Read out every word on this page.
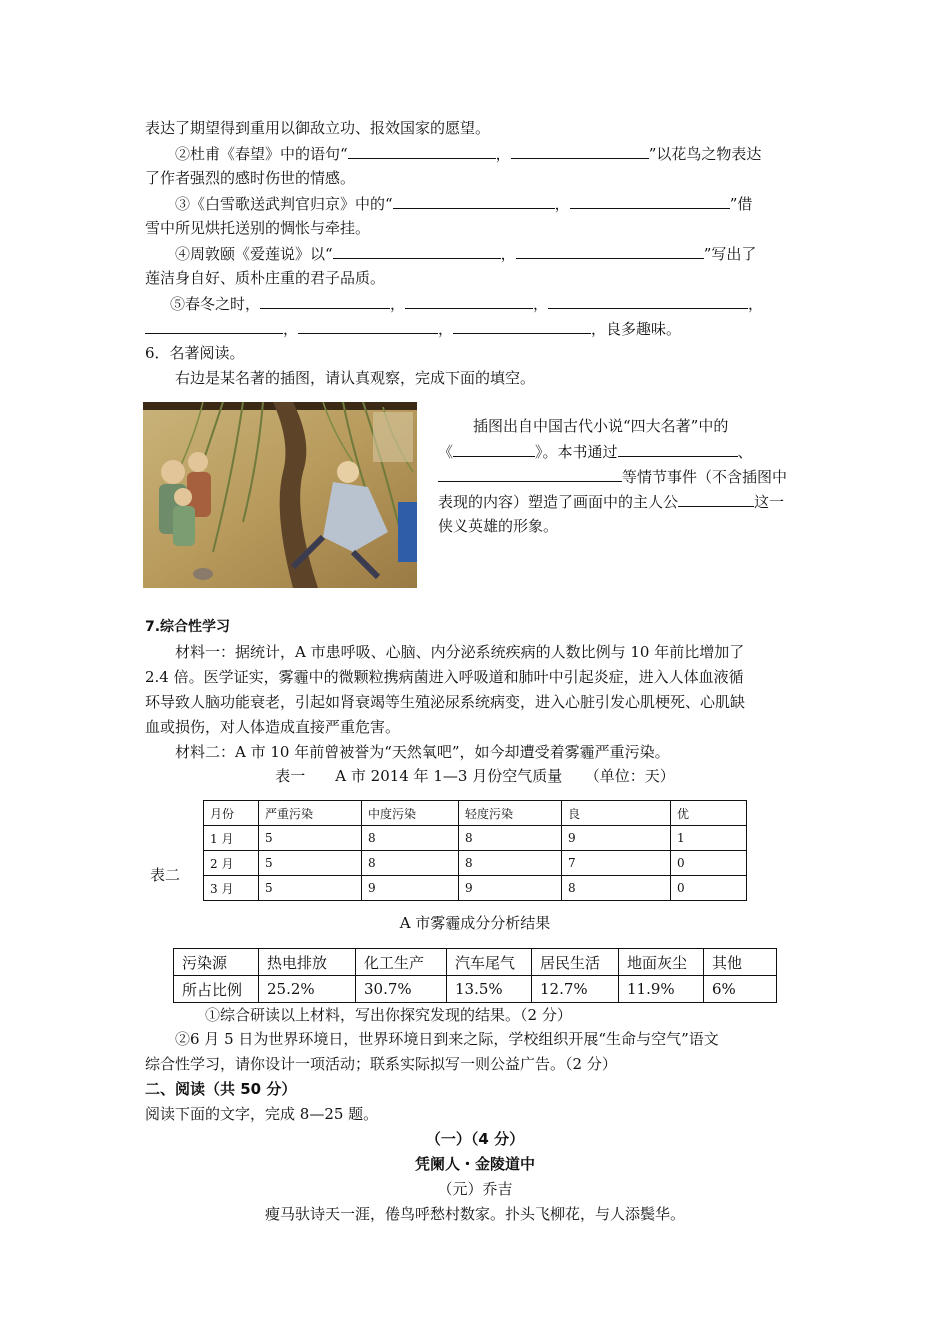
表达了期望得到重用以御敌立功、报效国家的愿望。
②杜甫《春望》中的语句“	，	”以花鸟之物表达
了作者强烈的感时伤世的情感。
③《白雪歌送武判官归京》中的“	，	”借
雪中所见烘托送别的惆怅与牵挂。
④周敦颐《爱莲说》以“	，	”写出了
莲洁身自好、质朴庄重的君子品质。
⑤春冬之时，	，	，	，
，	，	，良多趣味。
6．名著阅读。
右边是某名著的插图，请认真观察，完成下面的填空。
插图出自中国古代小说“四大名著”中的
《	》。本书通过	、
等情节事件（不含插图中
表现的内容）塑造了画面中的主人公	这一
侠义英雄的形象。
7.综合性学习
材料一：据统计，A 市患呼吸、心脑、内分泌系统疾病的人数比例与 10 年前比增加了
2.4 倍。医学证实，雾霾中的微颗粒携病菌进入呼吸道和肺叶中引起炎症，进入人体血液循
环导致人脑功能衰老，引起如肾衰竭等生殖泌尿系统病变，进入心脏引发心肌梗死、心肌缺
血或损伤，对人体造成直接严重危害。
材料二：A 市 10 年前曾被誉为“天然氧吧”，如今却遭受着雾霾严重污染。
表一　　A 市 2014 年 1—3 月份空气质量　　（单位：天）
表二
月份	严重污染	中度污染	轻度污染	良	优
1 月	5	8	8	9	1
2 月	5	8	8	7	0
3 月	5	9	9	8	0
A 市雾霾成分分析结果
污染源	热电排放	化工生产	汽车尾气	居民生活	地面灰尘	其他
所占比例	25.2%	30.7%	13.5%	12.7%	11.9%	6%
①综合研读以上材料，写出你探究发现的结果。（2 分）
②6 月 5 日为世界环境日，世界环境日到来之际，学校组织开展“生命与空气”语文
综合性学习，请你设计一项活动；联系实际拟写一则公益广告。（2 分）
二、阅读（共 50 分）
阅读下面的文字，完成 8—25 题。
（一）（4 分）
凭阑人・金陵道中
（元）乔吉
瘦马驮诗天一涯，倦鸟呼愁村数家。扑头飞柳花，与人添鬓华。
